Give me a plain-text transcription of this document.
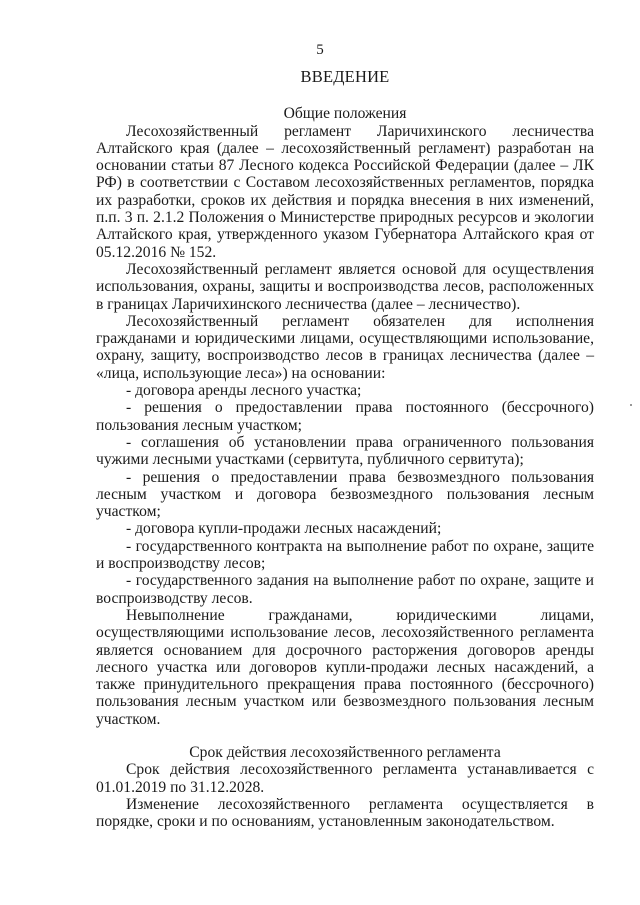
5
ВВЕДЕНИЕ

Общие положения

Лесохозяйственный регламент Ларичихинского лесничества Алтайского края (далее – лесохозяйственный регламент) разработан на основании статьи 87 Лесного кодекса Российской Федерации (далее – ЛК РФ) в соответствии с Составом лесохозяйственных регламентов, порядка их разработки, сроков их действия и порядка внесения в них изменений, п.п. 3 п. 2.1.2 Положения о Министерстве природных ресурсов и экологии Алтайского края, утвержденного указом Губернатора Алтайского края от 05.12.2016 № 152.

Лесохозяйственный регламент является основой для осуществления использования, охраны, защиты и воспроизводства лесов, расположенных в границах Ларичихинского лесничества (далее – лесничество).

Лесохозяйственный регламент обязателен для исполнения гражданами и юридическими лицами, осуществляющими использование, охрану, защиту, воспроизводство лесов в границах лесничества (далее – «лица, использующие леса») на основании:

- договора аренды лесного участка;

- решения о предоставлении права постоянного (бессрочного) пользования лесным участком;

- соглашения об установлении права ограниченного пользования чужими лесными участками (сервитута, публичного сервитута);

- решения о предоставлении права безвозмездного пользования лесным участком и договора безвозмездного пользования лесным участком;

- договора купли-продажи лесных насаждений;

- государственного контракта на выполнение работ по охране, защите и воспроизводству лесов;

- государственного задания на выполнение работ по охране, защите и воспроизводству лесов.

Невыполнение гражданами, юридическими лицами, осуществляющими использование лесов, лесохозяйственного регламента является основанием для досрочного расторжения договоров аренды лесного участка или договоров купли-продажи лесных насаждений, а также принудительного прекращения права постоянного (бессрочного) пользования лесным участком или безвозмездного пользования лесным участком.

Срок действия лесохозяйственного регламента

Срок действия лесохозяйственного регламента устанавливается с 01.01.2019 по 31.12.2028.

Изменение лесохозяйственного регламента осуществляется в порядке, сроки и по основаниям, установленным законодательством.
